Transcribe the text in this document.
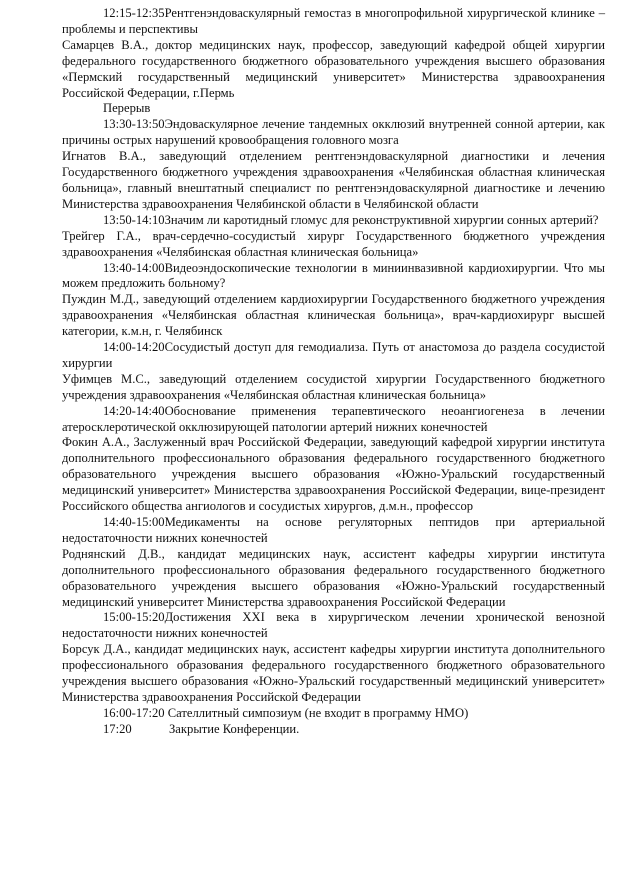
12:15-12:35Рентгенэндоваскулярный гемостаз в многопрофильной хирургической клинике – проблемы и перспективы

Самарцев В.А., доктор медицинских наук, профессор, заведующий кафедрой общей хирургии федерального государственного бюджетного образовательного учреждения высшего образования «Пермский государственный медицинский университет» Министерства здравоохранения Российской Федерации, г.Пермь

Перерыв

13:30-13:50Эндоваскулярное лечение тандемных окклюзий внутренней сонной артерии, как причины острых нарушений кровообращения головного мозга

Игнатов В.А., заведующий отделением рентгенэндоваскулярной диагностики и лечения Государственного бюджетного учреждения здравоохранения «Челябинская областная клиническая больница», главный внештатный специалист по рентгенэндоваскулярной диагностике и лечению Министерства здравоохранения Челябинской области в Челябинской области

13:50-14:10Значим ли каротидный гломус для реконструктивной хирургии сонных артерий?

Трейгер Г.А., врач-сердечно-сосудистый хирург Государственного бюджетного учреждения здравоохранения «Челябинская областная клиническая больница»

13:40-14:00Видеоэндоскопические технологии в миниинвазивной кардиохирургии. Что мы можем предложить больному?

Пуждин М.Д., заведующий отделением кардиохирургии Государственного бюджетного учреждения здравоохранения «Челябинская областная клиническая больница», врач-кардиохирург высшей категории, к.м.н, г. Челябинск

14:00-14:20Сосудистый доступ для гемодиализа. Путь от анастомоза до раздела сосудистой хирургии

Уфимцев М.С., заведующий отделением сосудистой хирургии Государственного бюджетного учреждения здравоохранения «Челябинская областная клиническая больница»

14:20-14:40Обоснование применения терапевтического неоангиогенеза в лечении атеросклеротической окклюзирующей патологии артерий нижних конечностей

Фокин А.А., Заслуженный врач Российской Федерации, заведующий кафедрой хирургии института дополнительного профессионального образования федерального государственного бюджетного образовательного учреждения высшего образования «Южно-Уральский государственный медицинский университет» Министерства здравоохранения Российской Федерации, вице-президент Российского общества ангиологов и сосудистых хирургов, д.м.н., профессор

14:40-15:00Медикаменты на основе регуляторных пептидов при артериальной недостаточности нижних конечностей

Роднянский Д.В., кандидат медицинских наук, ассистент кафедры хирургии института дополнительного профессионального образования федерального государственного бюджетного образовательного учреждения высшего образования «Южно-Уральский государственный медицинский университет Министерства здравоохранения Российской Федерации

15:00-15:20Достижения XXI века в хирургическом лечении хронической венозной недостаточности нижних конечностей

Борсук Д.А., кандидат медицинских наук, ассистент кафедры хирургии института дополнительного профессионального образования федерального государственного бюджетного образовательного учреждения высшего образования «Южно-Уральский государственный медицинский университет» Министерства здравоохранения Российской Федерации

16:00-17:20 Сателлитный симпозиум (не входит в программу НМО)

17:20	Закрытие Конференции.
